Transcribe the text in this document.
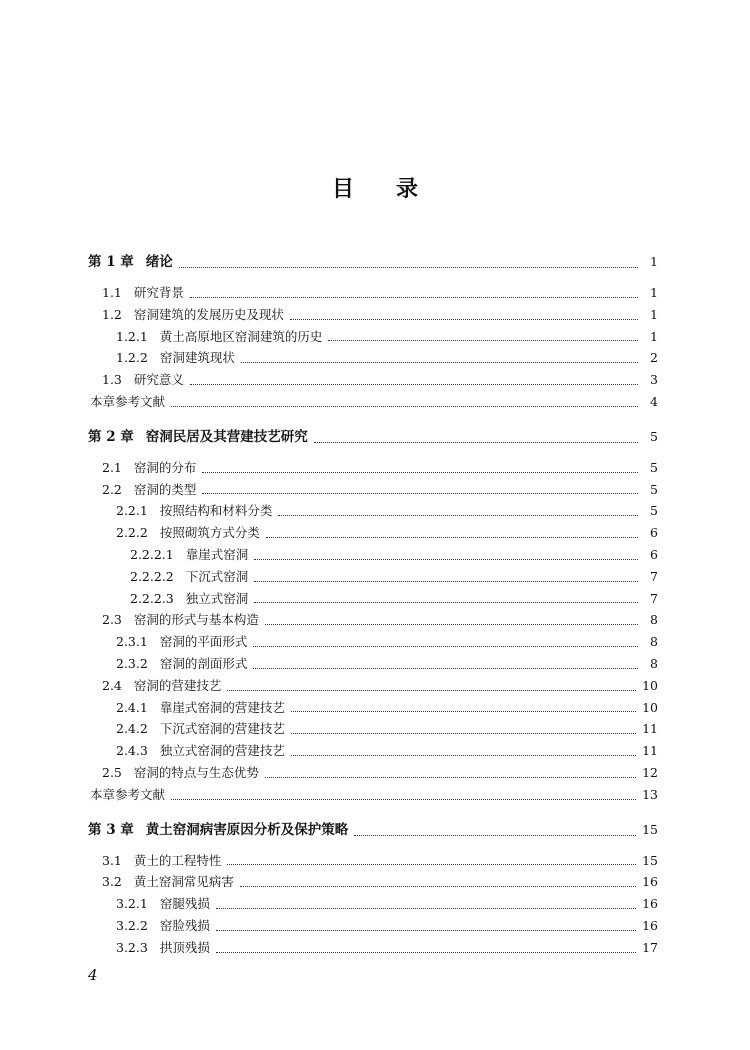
目录
第 1 章 绪论	1
1.1 研究背景	1
1.2 窑洞建筑的发展历史及现状	1
1.2.1 黄土高原地区窑洞建筑的历史	1
1.2.2 窑洞建筑现状	2
1.3 研究意义	3
本章参考文献	4
第 2 章 窑洞民居及其营建技艺研究	5
2.1 窑洞的分布	5
2.2 窑洞的类型	5
2.2.1 按照结构和材料分类	5
2.2.2 按照砌筑方式分类	6
2.2.2.1 靠崖式窑洞	6
2.2.2.2 下沉式窑洞	7
2.2.2.3 独立式窑洞	7
2.3 窑洞的形式与基本构造	8
2.3.1 窑洞的平面形式	8
2.3.2 窑洞的剖面形式	8
2.4 窑洞的营建技艺	10
2.4.1 靠崖式窑洞的营建技艺	10
2.4.2 下沉式窑洞的营建技艺	11
2.4.3 独立式窑洞的营建技艺	11
2.5 窑洞的特点与生态优势	12
本章参考文献	13
第 3 章 黄土窑洞病害原因分析及保护策略	15
3.1 黄土的工程特性	15
3.2 黄土窑洞常见病害	16
3.2.1 窑腿残损	16
3.2.2 窑脸残损	16
3.2.3 拱顶残损	17
4
